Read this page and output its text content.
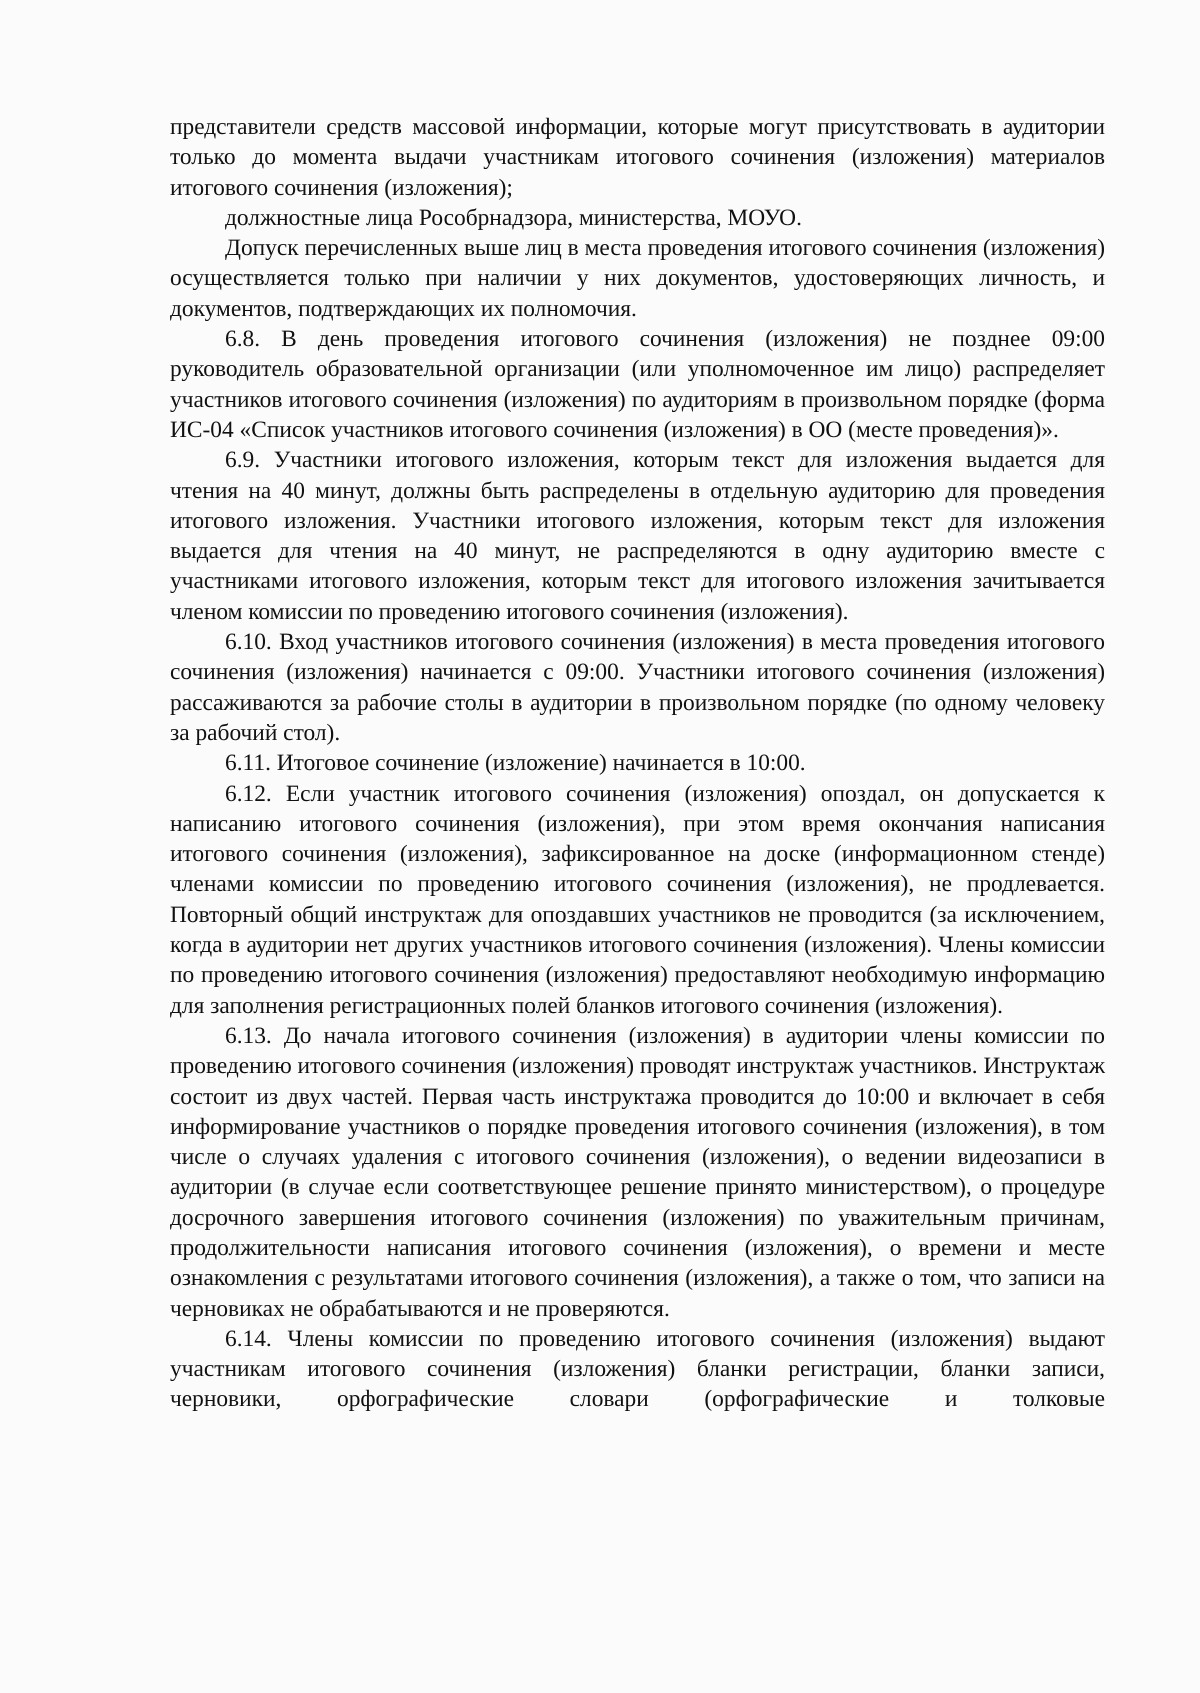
представители средств массовой информации, которые могут присутствовать в аудитории только до момента выдачи участникам итогового сочинения (изложения) материалов итогового сочинения (изложения);

должностные лица Рособрнадзора, министерства, МОУО.

Допуск перечисленных выше лиц в места проведения итогового сочинения (изложения) осуществляется только при наличии у них документов, удостоверяющих личность, и документов, подтверждающих их полномочия.

6.8. В день проведения итогового сочинения (изложения) не позднее 09:00 руководитель образовательной организации (или уполномоченное им лицо) распределяет участников итогового сочинения (изложения) по аудиториям в произвольном порядке (форма ИС-04 «Список участников итогового сочинения (изложения) в ОО (месте проведения)».

6.9. Участники итогового изложения, которым текст для изложения выдается для чтения на 40 минут, должны быть распределены в отдельную аудиторию для проведения итогового изложения. Участники итогового изложения, которым текст для изложения выдается для чтения на 40 минут, не распределяются в одну аудиторию вместе с участниками итогового изложения, которым текст для итогового изложения зачитывается членом комиссии по проведению итогового сочинения (изложения).

6.10. Вход участников итогового сочинения (изложения) в места проведения итогового сочинения (изложения) начинается с 09:00. Участники итогового сочинения (изложения) рассаживаются за рабочие столы в аудитории в произвольном порядке (по одному человеку за рабочий стол).

6.11. Итоговое сочинение (изложение) начинается в 10:00.

6.12. Если участник итогового сочинения (изложения) опоздал, он допускается к написанию итогового сочинения (изложения), при этом время окончания написания итогового сочинения (изложения), зафиксированное на доске (информационном стенде) членами комиссии по проведению итогового сочинения (изложения), не продлевается. Повторный общий инструктаж для опоздавших участников не проводится (за исключением, когда в аудитории нет других участников итогового сочинения (изложения). Члены комиссии по проведению итогового сочинения (изложения) предоставляют необходимую информацию для заполнения регистрационных полей бланков итогового сочинения (изложения).

6.13. До начала итогового сочинения (изложения) в аудитории члены комиссии по проведению итогового сочинения (изложения) проводят инструктаж участников. Инструктаж состоит из двух частей. Первая часть инструктажа проводится до 10:00 и включает в себя информирование участников о порядке проведения итогового сочинения (изложения), в том числе о случаях удаления с итогового сочинения (изложения), о ведении видеозаписи в аудитории (в случае если соответствующее решение принято министерством), о процедуре досрочного завершения итогового сочинения (изложения) по уважительным причинам, продолжительности написания итогового сочинения (изложения), о времени и месте ознакомления с результатами итогового сочинения (изложения), а также о том, что записи на черновиках не обрабатываются и не проверяются.

6.14. Члены комиссии по проведению итогового сочинения (изложения) выдают участникам итогового сочинения (изложения) бланки регистрации, бланки записи, черновики, орфографические словари (орфографические и толковые
